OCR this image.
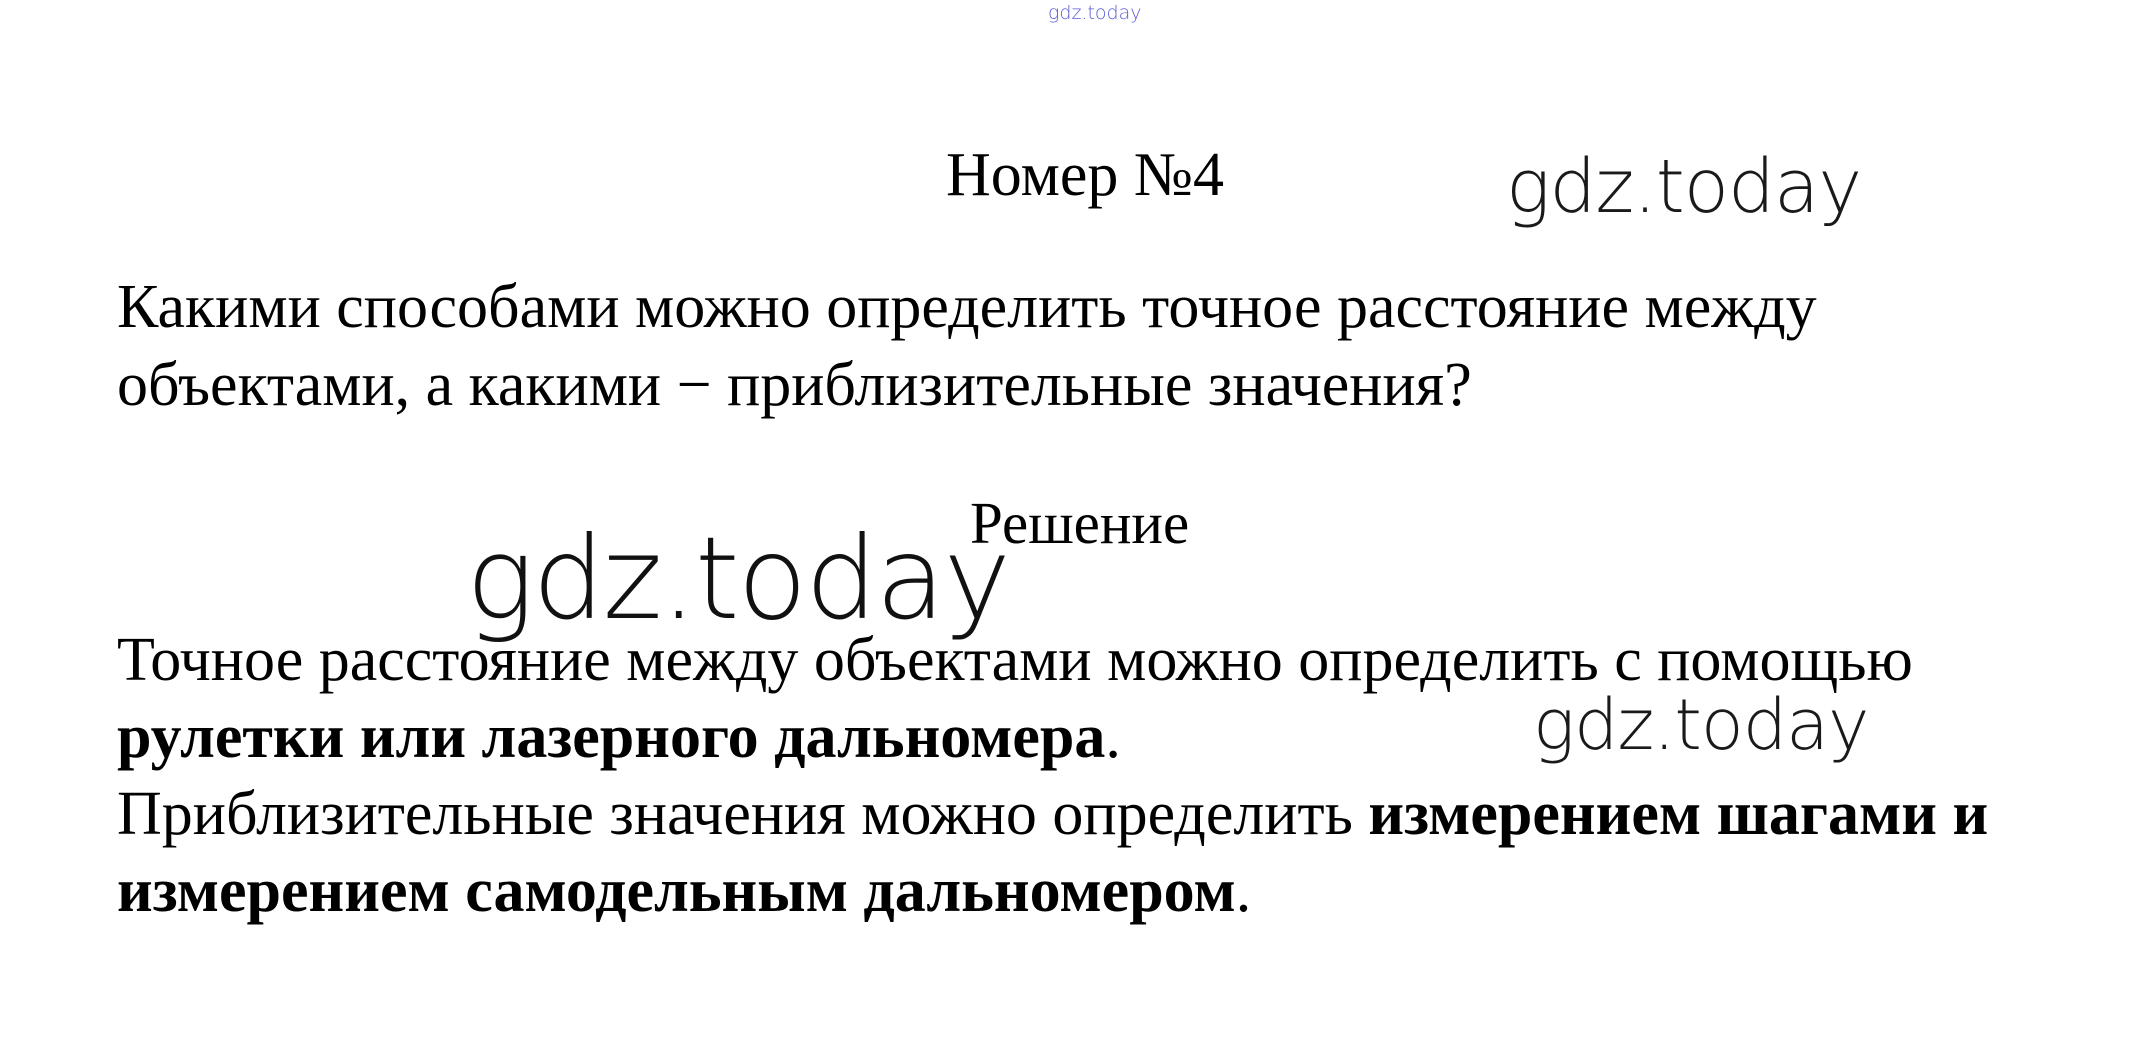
gdz.today
Номер №4	gdz.today

Какими способами можно определить точное расстояние между объектами, а какими − приблизительные значения?

gdz.today
Решение

Точное расстояние между объектами можно определить с помощью рулетки или лазерного дальномера.
Приблизительные значения можно определить измерением шагами и измерением самодельным дальномером.

gdz.today
